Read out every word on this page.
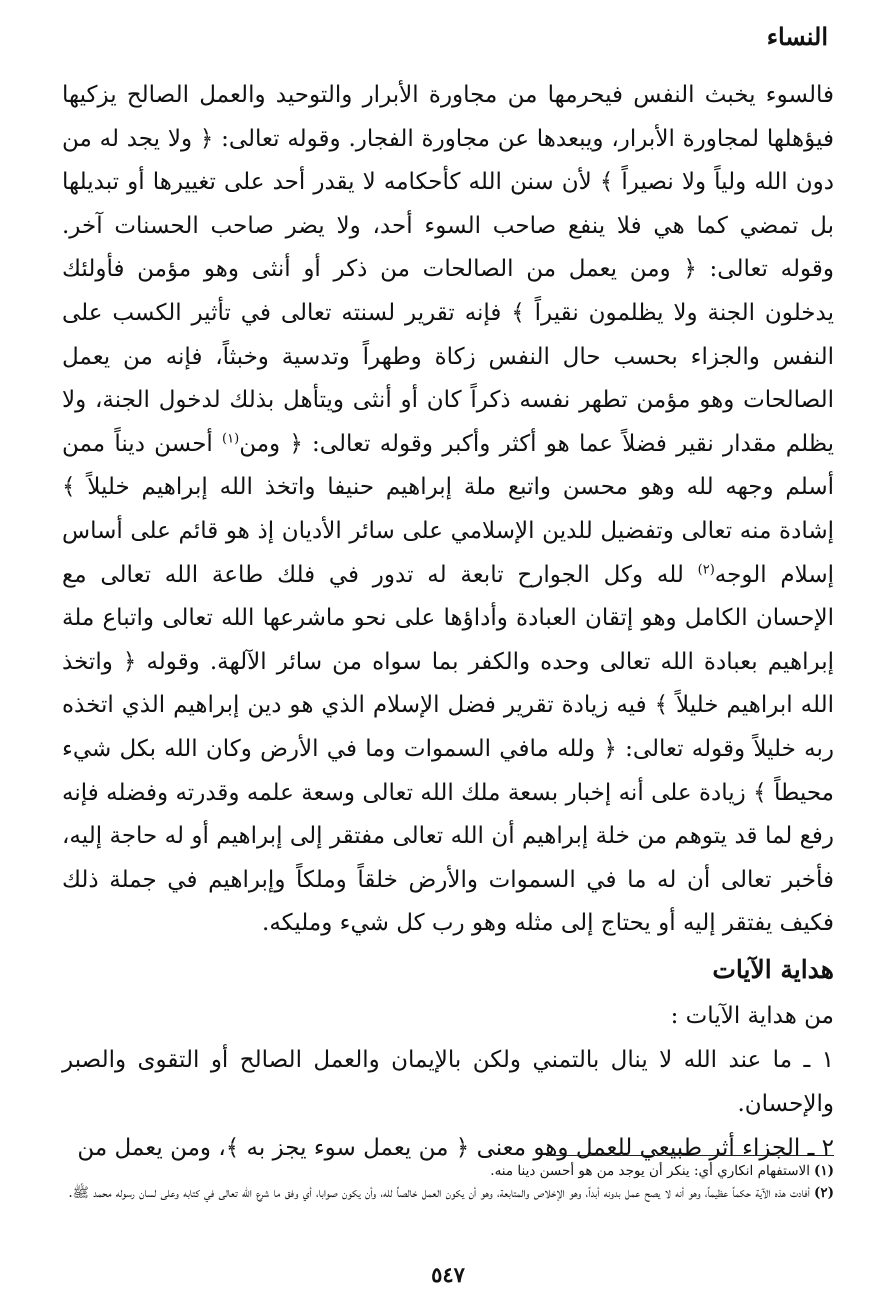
النساء

فالسوء يخبث النفس فيحرمها من مجاورة الأبرار والتوحيد والعمل الصالح يزكيها فيؤهلها لمجاورة الأبرار، ويبعدها عن مجاورة الفجار. وقوله تعالى: ﴿ ولا يجد له من دون الله ولياً ولا نصيراً ﴾ لأن سنن الله كأحكامه لا يقدر أحد على تغييرها أو تبديلها بل تمضي كما هي فلا ينفع صاحب السوء أحد، ولا يضر صاحب الحسنات آخر. وقوله تعالى: ﴿ ومن يعمل من الصالحات من ذكر أو أنثى وهو مؤمن فأولئك يدخلون الجنة ولا يظلمون نقيراً ﴾ فإنه تقرير لسنته تعالى في تأثير الكسب على النفس والجزاء بحسب حال النفس زكاة وطهراً وتدسية وخبثاً، فإنه من يعمل الصالحات وهو مؤمن تطهر نفسه ذكراً كان أو أنثى ويتأهل بذلك لدخول الجنة، ولا يظلم مقدار نقير فضلاً عما هو أكثر وأكبر وقوله تعالى: ﴿ ومن$^{(١)}$ أحسن ديناً ممن أسلم وجهه لله وهو محسن واتبع ملة إبراهيم حنيفا واتخذ الله إبراهيم خليلاً ﴾ إشادة منه تعالى وتفضيل للدين الإسلامي على سائر الأديان إذ هو قائم على أساس إسلام الوجه$^{(٢)}$ لله وكل الجوارح تابعة له تدور في فلك طاعة الله تعالى مع الإحسان الكامل وهو إتقان العبادة وأداؤها على نحو ماشرعها الله تعالى واتباع ملة إبراهيم بعبادة الله تعالى وحده والكفر بما سواه من سائر الآلهة. وقوله ﴿ واتخذ الله ابراهيم خليلاً ﴾ فيه زيادة تقرير فضل الإسلام الذي هو دين إبراهيم الذي اتخذه ربه خليلاً وقوله تعالى: ﴿ ولله مافي السموات وما في الأرض وكان الله بكل شيء محيطاً ﴾ زيادة على أنه إخبار بسعة ملك الله تعالى وسعة علمه وقدرته وفضله فإنه رفع لما قد يتوهم من خلة إبراهيم أن الله تعالى مفتقر إلى إبراهيم أو له حاجة إليه، فأخبر تعالى أن له ما في السموات والأرض خلقاً وملكاً وإبراهيم في جملة ذلك فكيف يفتقر إليه أو يحتاج إلى مثله وهو رب كل شيء ومليكه.

هداية الآيات

من هداية الآيات :

١ ـ ما عند الله لا ينال بالتمني ولكن بالإيمان والعمل الصالح أو التقوى والصبر والإحسان.

٢ ـ الجزاء أثر طبيعي للعمل وهو معنى ﴿ من يعمل سوء يجز به ﴾، ومن يعمل من

(١)الاستفهام انكاري أي: ينكر أن يوجد من هو أحسن دينا منه.

(٢)أفادت هذه الآية حكماً عظيماً، وهو أنه لا يصح عمل بدونه أبداً، وهو الإخلاص والمتابعة، وهو أن يكون العمل خالصاً لله، وأن يكون صوابا، أي وفق ما شرع الله تعالى في كتابه وعلى لسان رسوله محمد ﷺ.

٥٤٧
